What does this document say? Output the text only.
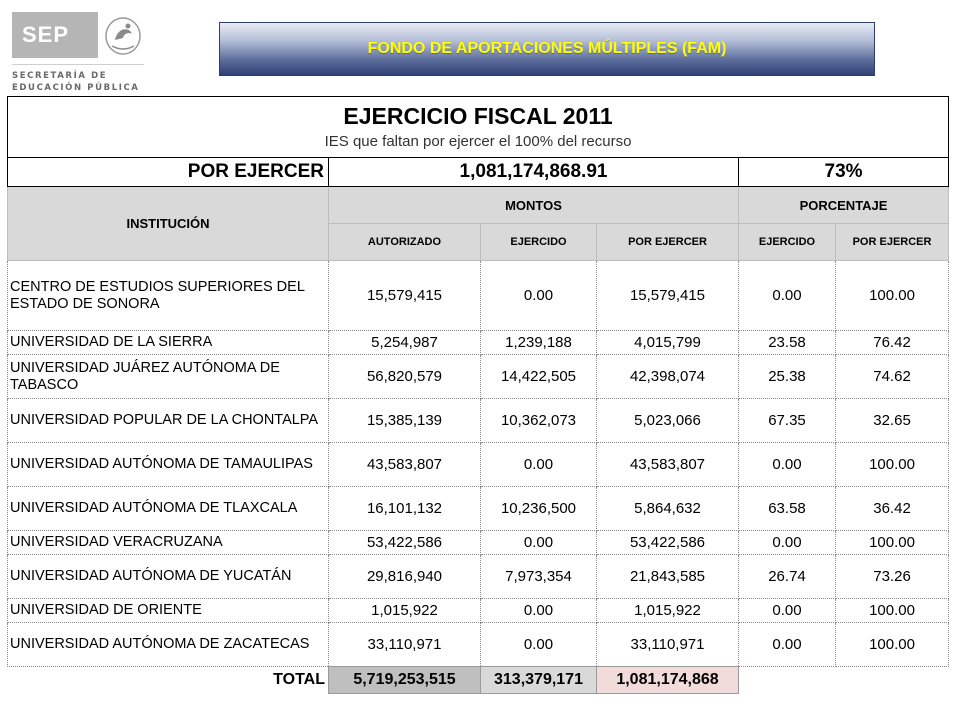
SEP
SECRETARÍA DE
EDUCACIÓN PÚBLICA
FONDO DE APORTACIONES MÚLTIPLES (FAM)
EJERCICIO FISCAL 2011
IES que faltan por ejercer el 100% del recurso					

POR EJERCER	1,081,174,868.91			73%	
INSTITUCIÓN	MONTOS			PORCENTAJE	
	AUTORIZADO	EJERCIDO	POR EJERCER	EJERCIDO	POR EJERCER
CENTRO DE ESTUDIOS SUPERIORES DEL ESTADO DE SONORA	15,579,415	0.00	15,579,415	0.00	100.00
UNIVERSIDAD DE LA SIERRA	5,254,987	1,239,188	4,015,799	23.58	76.42
UNIVERSIDAD JUÁREZ AUTÓNOMA DE TABASCO	56,820,579	14,422,505	42,398,074	25.38	74.62
UNIVERSIDAD POPULAR DE LA CHONTALPA	15,385,139	10,362,073	5,023,066	67.35	32.65
UNIVERSIDAD AUTÓNOMA DE TAMAULIPAS	43,583,807	0.00	43,583,807	0.00	100.00
UNIVERSIDAD AUTÓNOMA DE TLAXCALA	16,101,132	10,236,500	5,864,632	63.58	36.42
UNIVERSIDAD VERACRUZANA	53,422,586	0.00	53,422,586	0.00	100.00
UNIVERSIDAD AUTÓNOMA DE YUCATÁN	29,816,940	7,973,354	21,843,585	26.74	73.26
UNIVERSIDAD DE ORIENTE	1,015,922	0.00	1,015,922	0.00	100.00
UNIVERSIDAD AUTÓNOMA DE ZACATECAS	33,110,971	0.00	33,110,971	0.00	100.00
TOTAL	5,719,253,515	313,379,171	1,081,174,868		
